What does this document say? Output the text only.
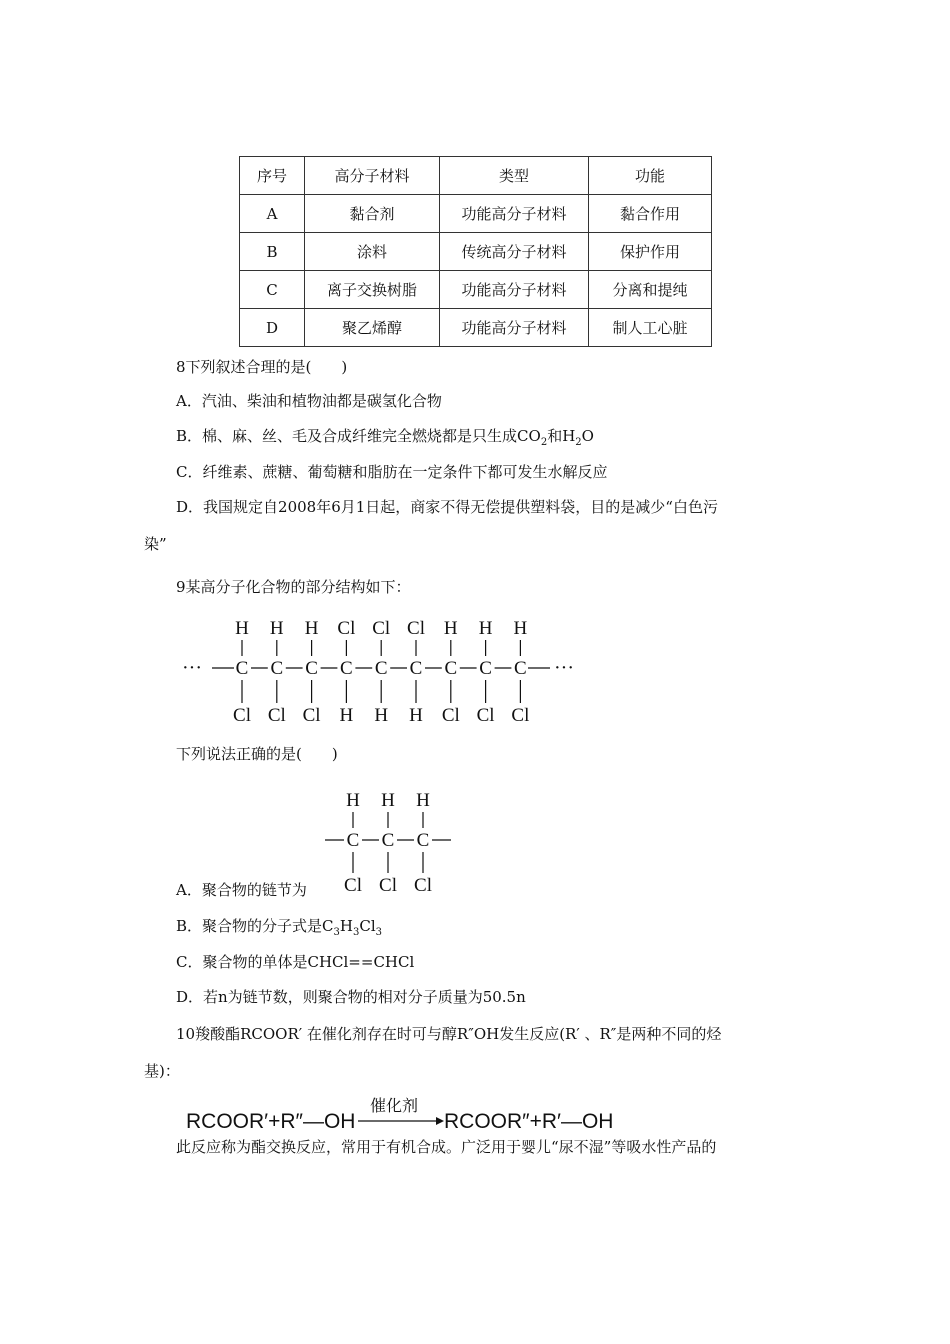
序号	高分子材料	类型	功能
A	黏合剂	功能高分子材料	黏合作用
B	涂料	传统高分子材料	保护作用
C	离子交换树脂	功能高分子材料	分离和提纯
D	聚乙烯醇	功能高分子材料	制人工心脏
8下列叙述合理的是(　　)
A．汽油、柴油和植物油都是碳氢化合物
B．棉、麻、丝、毛及合成纤维完全燃烧都是只生成$CO_2$和$H_2O$
C．纤维素、蔗糖、葡萄糖和脂肪在一定条件下都可发生水解反应
D．我国规定自2008年6月1日起，商家不得无偿提供塑料袋，目的是减少“白色污
染”
9某高分子化合物的部分结构如下：
···	···
H
C
Cl
H
C
Cl
H
C
Cl
Cl
C
H
Cl
C
H
Cl
C
H
H
C
Cl
H
C
Cl
H
C
Cl
下列说法正确的是(　　)
H
C
Cl
H
C
Cl
H
C
Cl
A．聚合物的链节为
B．聚合物的分子式是$C_3H_3Cl_3$
C．聚合物的单体是CHCl==CHCl
D．若n为链节数，则聚合物的相对分子质量为50.5n
10羧酸酯RCOOR′ 在催化剂存在时可与醇R″OH发生反应(R′ 、R″是两种不同的烃
基)：
RCOOR′+R″—OH
催化剂
RCOOR″+R′—OH
此反应称为酯交换反应，常用于有机合成。广泛用于婴儿“尿不湿”等吸水性产品的
